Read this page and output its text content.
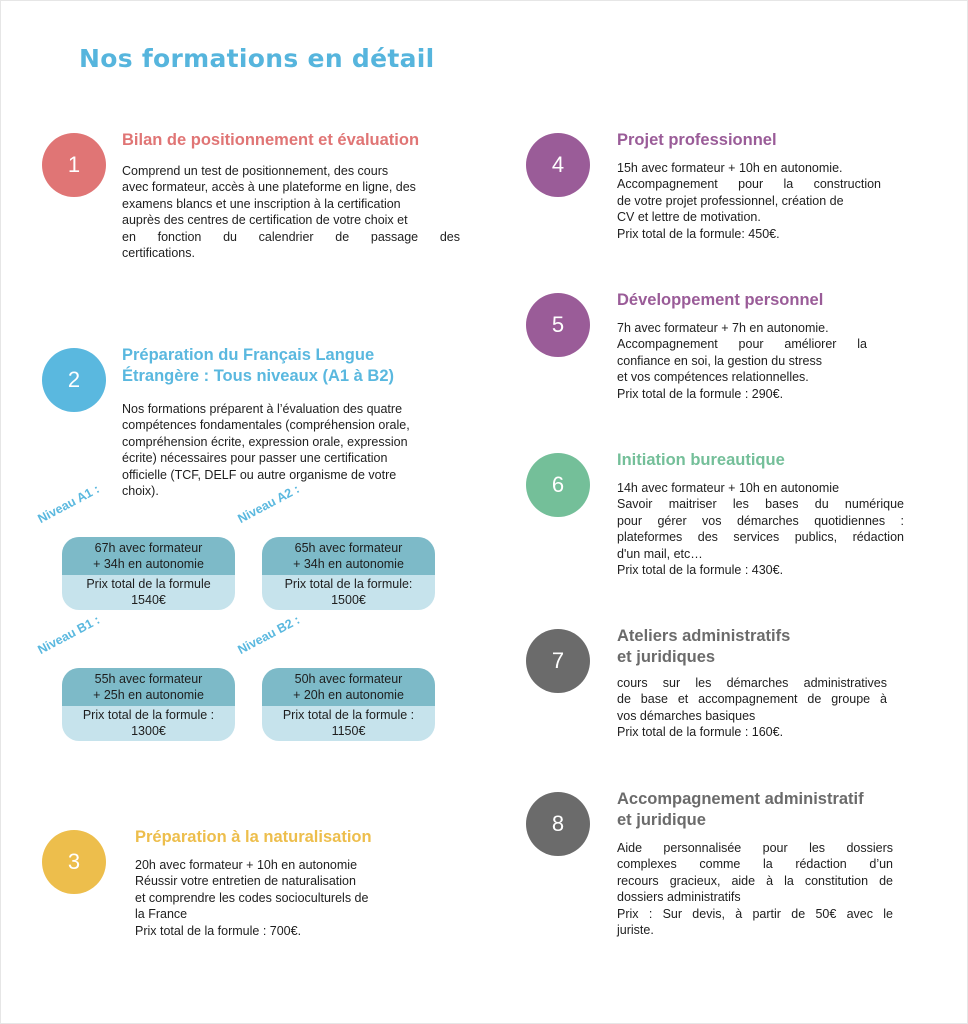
Nos formations en détail
1
Bilan de positionnement et évaluation
Comprend un test de positionnement, des cours
avec formateur, accès à une plateforme en ligne, des
examens blancs et une inscription à la certification
auprès des centres de certification de votre choix et
en fonction du calendrier de passage des
certifications.
2
Préparation du Français Langue
Étrangère : Tous niveaux (A1 à B2)
Nos formations préparent à l’évaluation des quatre
compétences fondamentales (compréhension orale,
compréhension écrite, expression orale, expression
écrite) nécessaires pour passer une certification
officielle (TCF, DELF ou autre organisme de votre
choix).
Niveau A1 :
67h avec formateur
+ 34h en autonomie
Prix total de la formule
1540€
Niveau A2 :
65h avec formateur
+ 34h en autonomie
Prix total de la formule:
1500€
Niveau B1 :
55h avec formateur
+ 25h en autonomie
Prix total de la formule :
1300€
Niveau B2 :
50h avec formateur
+ 20h en autonomie
Prix total de la formule :
1150€
3
Préparation à la naturalisation
20h avec formateur + 10h en autonomie
Réussir votre entretien de naturalisation
et comprendre les codes socioculturels de
la France
Prix total de la formule : 700€.
4
Projet professionnel
15h avec formateur + 10h en autonomie.
Accompagnement pour la construction
de votre projet professionnel, création de
CV et lettre de motivation.
Prix total de la formule: 450€.
5
Développement personnel
7h avec formateur + 7h en autonomie.
Accompagnement pour améliorer la
confiance en soi, la gestion du stress
et vos compétences relationnelles.
Prix total de la formule : 290€.
6
Initiation bureautique
14h avec formateur + 10h en autonomie
Savoir maitriser les bases du numérique
pour gérer vos démarches quotidiennes :
plateformes des services publics, rédaction
d'un mail, etc…
Prix total de la formule : 430€.
7
Ateliers administratifs
et juridiques
cours sur les démarches administratives
de base et accompagnement de groupe à
vos démarches basiques
Prix total de la formule : 160€.
8
Accompagnement administratif
et juridique
Aide personnalisée pour les dossiers
complexes comme la rédaction d’un
recours gracieux, aide à la constitution de
dossiers administratifs
Prix : Sur devis, à partir de 50€ avec le
juriste.
